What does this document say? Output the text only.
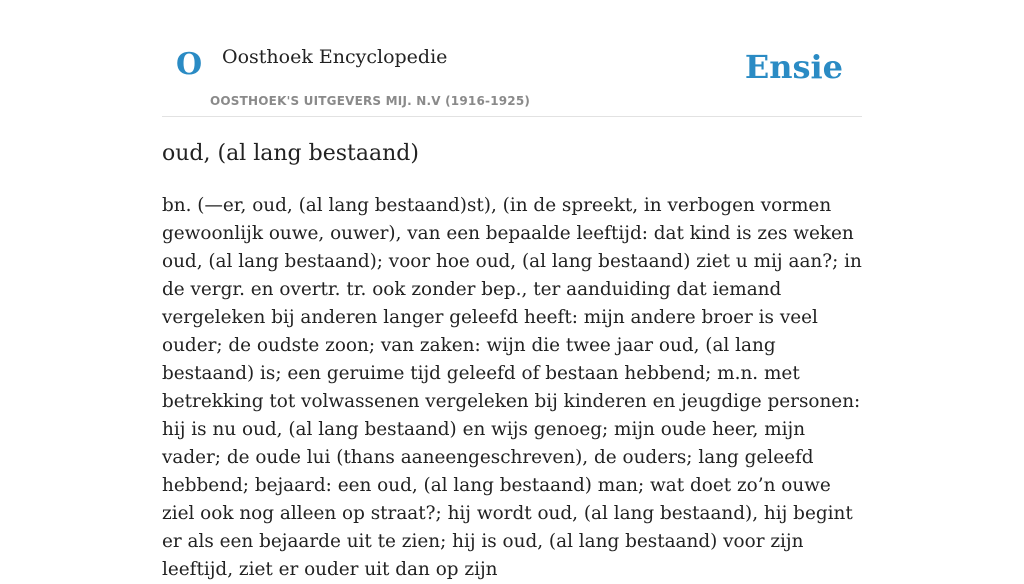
O Oosthoek Encyclopedie
OOSTHOEK'S UITGEVERS MIJ. N.V (1916-1925)
Ensie
oud, (al lang bestaand)

bn. (—er, oud, (al lang bestaand)st), (in de spreekt, in verbogen vormen gewoonlijk ouwe, ouwer), van een bepaalde leeftijd: dat kind is zes weken oud, (al lang bestaand); voor hoe oud, (al lang bestaand) ziet u mij aan?; in de vergr. en overtr. tr. ook zonder bep., ter aanduiding dat iemand vergeleken bij anderen langer geleefd heeft: mijn andere broer is veel ouder; de oudste zoon; van zaken: wijn die twee jaar oud, (al lang bestaand) is; een geruime tijd geleefd of bestaan hebbend; m.n. met betrekking tot volwassenen vergeleken bij kinderen en jeugdige personen: hij is nu oud, (al lang bestaand) en wijs genoeg; mijn oude heer, mijn vader; de oude lui (thans aaneengeschreven), de ouders; lang geleefd hebbend; bejaard: een oud, (al lang bestaand) man; wat doet zo’n ouwe ziel ook nog alleen op straat?; hij wordt oud, (al lang bestaand), hij begint er als een bejaarde uit te zien; hij is oud, (al lang bestaand) voor zijn leeftijd, ziet er ouder uit dan op zijn
